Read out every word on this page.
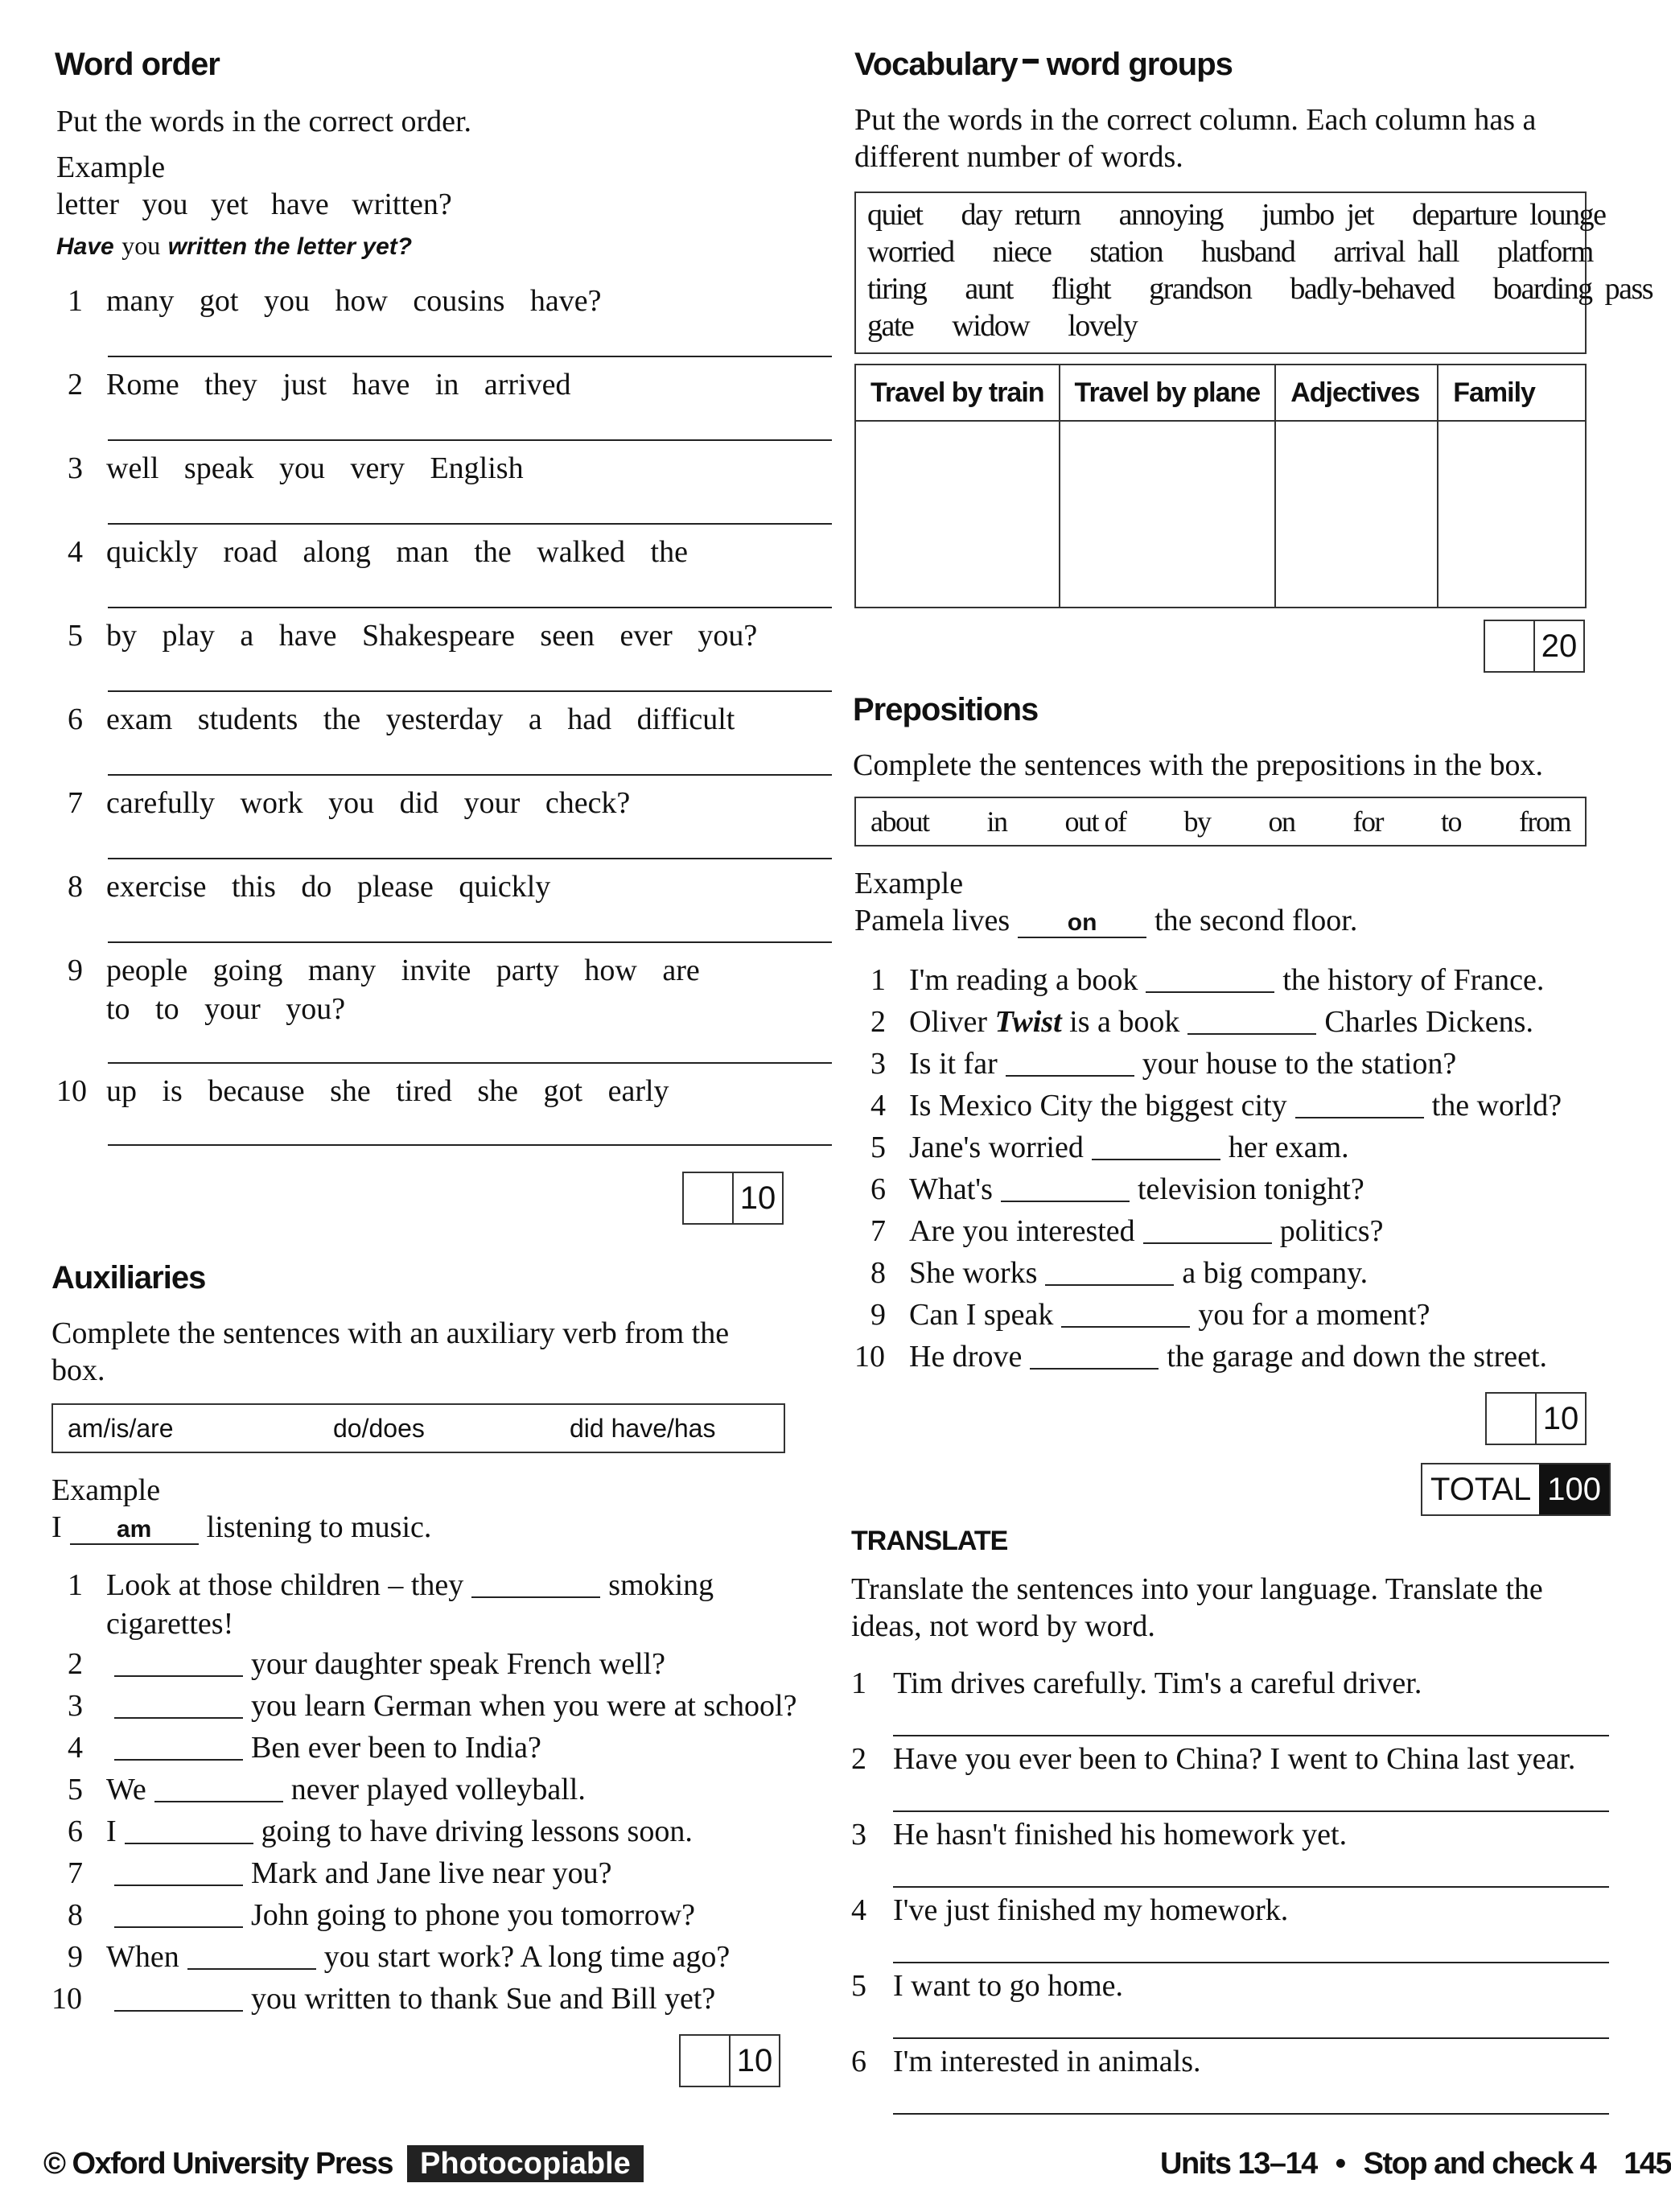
Word order
Put the words in the correct order.
Example
letter   you   yet   have   written?
Have you written the letter yet?
1 many got you how cousins have?
2 Rome they just have in arrived
3 well speak you very English
4 quickly road along man the walked the
5 by play a have Shakespeare seen ever you?
6 exam students the yesterday a had difficult
7 carefully work you did your check?
8 exercise this do please quickly
9 people going many invite party how are
to to your you?
10 up is because she tired she got early
10
Auxiliaries
Complete the sentences with an auxiliary verb from the box.
am/is/are	do/does	did have/has
Example
I am listening to music.
1 Look at those children – they	smoking
cigarettes!
2	your daughter speak French well?
3	you learn German when you were at school?
4	Ben ever been to India?
5 We	never played volleyball.
6 I	going to have driving lessons soon.
7	Mark and Jane live near you?
8	John going to phone you tomorrow?
9 When	you start work? A long time ago?
10	you written to thank Sue and Bill yet?
10
© Oxford University Press Photocopiable
Vocabulary word groups
Put the words in the correct column. Each column has a different number of words.
quiet   day return   annoying   jumbo jet   departure lounge
worried   niece   station   husband   arrival hall   platform
tiring   aunt   flight   grandson   badly-behaved   boarding pass
gate   widow   lovely
Travel by train	Travel by plane	Adjectives	Family

20
Prepositions
Complete the sentences with the prepositions in the box.
about in out of by on for to from
Example
Pamela lives on the second floor.
1 I'm reading a book	the history of France.
2 Oliver Twist is a book	Charles Dickens.
3 Is it far	your house to the station?
4 Is Mexico City the biggest city	the world?
5 Jane's worried	her exam.
6 What's	television tonight?
7 Are you interested	politics?
8 She works	a big company.
9 Can I speak	you for a moment?
10 He drove	the garage and down the street.
10
TOTAL 100
TRANSLATE
Translate the sentences into your language. Translate the ideas, not word by word.
1 Tim drives carefully. Tim's a careful driver.
2 Have you ever been to China? I went to China last year.
3 He hasn't finished his homework yet.
4 I've just finished my homework.
5 I want to go home.
6 I'm interested in animals.
Units 13–14 • Stop and check 4 145
